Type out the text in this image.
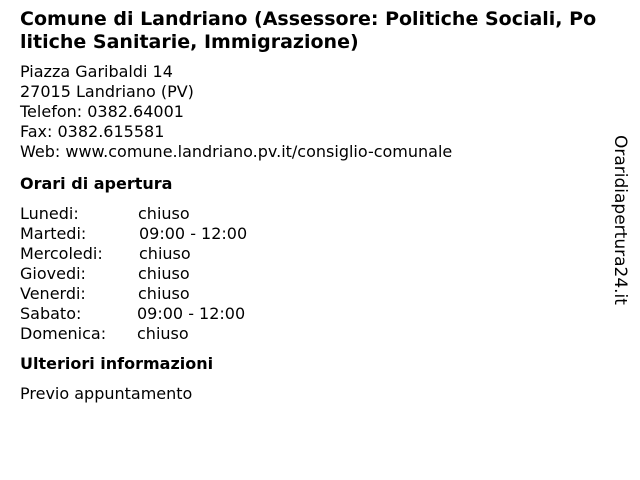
Comune di Landriano (Assessore: Politiche Sociali, Politiche Sanitarie, Immigrazione)
Piazza Garibaldi 14
27015 Landriano (PV)
Telefon: 0382.64001
Fax: 0382.615581
Web: www.comune.landriano.pv.it/consiglio-comunale
Orari di apertura
Lunedi:	chiuso
Martedi:	09:00 - 12:00
Mercoledi:	chiuso
Giovedi:	chiuso
Venerdi:	chiuso
Sabato:	09:00 - 12:00
Domenica:	chiuso
Ulteriori informazioni
Previo appuntamento
Oraridiapertura24.it
